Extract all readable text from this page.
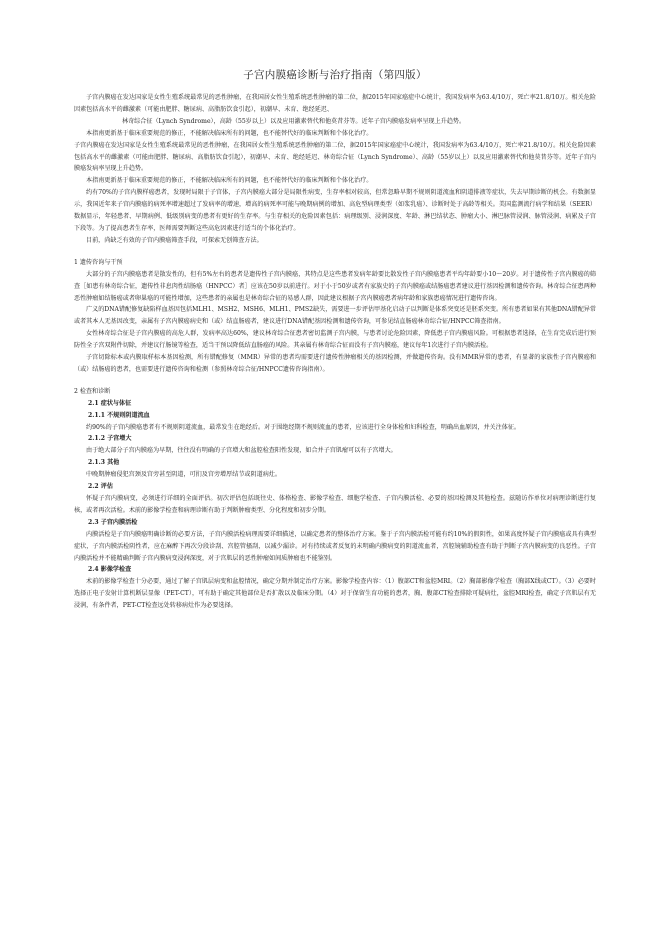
子宫内膜癌诊断与治疗指南（第四版）

子宫内膜癌在发达国家是女性生殖系统最常见的恶性肿瘤，在我国居女性生殖系统恶性肿瘤的第二位，据2015年国家癌症中心统计，我国发病率为63.4/10万，死亡率21.8/10万。相关危险因素包括高水平的雌激素（可能由肥胖、糖尿病、高脂肪饮食引起），初潮早、未育、绝经延迟、

林奇综合征（Lynch Syndrome），高龄（55岁以上）以及应用激素替代和他莫昔芬等。近年子宫内膜癌发病率呈现上升趋势。

本指南更新基于临床重要规范的修正，不能解决临床所有的问题，也不能替代好的临床判断和个体化治疗。

子宫内膜癌在发达国家是女性生殖系统最常见的恶性肿瘤，在我国居女性生殖系统恶性肿瘤的第二位，据2015年国家癌症中心统计，我国发病率为63.4/10万，死亡率21.8/10万。相关危险因素包括高水平的雌激素（可能由肥胖、糖尿病、高脂肪饮食引起），初潮早、未育、绝经延迟、林奇综合征（Lynch Syndrome）、高龄（55岁以上）以及应用激素替代和他莫昔芬等。近年子宫内膜癌发病率呈现上升趋势。

本指南更新基于临床重要规范的修正，不能解决临床所有的问题，也不能替代好的临床判断和个体化治疗。

约有70%的子宫内膜样癌患者，发现时局限于子宫体，子宫内膜癌大部分是局限性病变，生存率相对较高，但常忽略早期不规则阴道流血和阴道排液等症状，失去早期诊断的机会。有数据显示，我国近年来子宫内膜癌的病死率增速超过了发病率的增速，增高的病死率可能与晚期病例的增加、高危型病理类型（如浆乳癌）、诊断时处于高龄等相关。美国监测流行病学和结果（SEER）数据显示，年轻患者、早期病例、低级别病变的患者有更好的生存率。与生存相关的危险因素包括：病理级别、浸润深度、年龄、淋巴结状态、肿瘤大小、淋巴脉管浸润、脉管浸润、病累及子宫下段等。为了提高患者生存率，医师需要判断这些高危因素进行适当的个体化治疗。

目前，尚缺乏有效的子宫内膜癌筛查手段，可探索无创筛查方法。

1 遗传咨询与干预

大部分的子宫内膜癌患者是散发性的，但有5%左右的患者是遗传性子宫内膜癌，其特点是这些患者发病年龄要比散发性子宫内膜癌患者平均年龄要小10～20岁。对于遗传性子宫内膜癌的筛查［如患有林奇综合征，遗传性非息肉性结肠癌（HNPCC）者］应该在50岁以前进行。对于小于50岁或者有家族史的子宫内膜癌或结肠癌患者建议进行基因检测和遗传咨询。林奇综合征患两种恶性肿瘤如结肠癌或者卵巢癌的可能性增加，这些患者的亲属也是林奇综合征的易感人群，因此建议根据子宫内膜癌患者病年龄和家族患癌情况进行遗传咨询。

广义的DNA错配修复缺陷样血基因包括MLH1、MSH2、MSH6、MLH1、PMS2缺失，需要进一步评估甲基化启动子以判断是体系突变还是胚系突变。所有患者如果有其他DNA错配异常或者其本人无基因改变，亲属有子宫内膜癌病史和（或）结直肠癌者，建议进行DNA错配基因检测和遗传咨询，可参见结直肠癌林奇综合征/HNPCC筛查指南。

女性林奇综合征是子宫内膜癌的高危人群，发病率高达60%，建议林奇综合征患者密切监测子宫内膜，与患者讨论危险因素，降低患子宫内膜癌风险。可根据患者选择，在生育完成后进行预防性全子宫双附件切除，并建议行肠镜等检查，适当干预以降低结直肠癌的风险。其亲属有林奇综合征而没有子宫内膜癌，建议每年1次进行子宫内膜活检。

子宫切除标本或内膜取样标本基因检测，所有错配修复（MMR）异常的患者均需要进行遗传性肿瘤相关的基因检测，并做遗传咨询。没有MMR异常的患者，有显著的家族性子宫内膜癌和（或）结肠癌的患者，也需要进行遗传咨询和检测（参照林奇综合征/HNPCC遗传咨询指南）。

2 检查和诊断

2.1 症状与体征

2.1.1 不规则阴道流血

约90%的子宫内膜癌患者有不规则阴道流血，最常发生在绝经后。对于围绝经期不规则流血的患者，应该进行全身体检和妇科检查，明确出血原因，并关注体征。

2.1.2 子宫增大

由于绝大部分子宫内膜癌为早期，往往没有明确的子宫增大和盆腔检查阳性发现，如合并子宫肌瘤可以有子宫增大。

2.1.3 其他

中晚期肿瘤侵犯宫颈及宫旁甚至阴道，可扪及宫旁增厚结节或阴道病灶。

2.2 评估

怀疑子宫内膜病变，必须进行详细的全面评估。初次评估包括既往史、体格检查、影像学检查、细胞学检查、子宫内膜活检、必要的基因检测及其他检查。兹随访作单位对病理诊断进行复核，或者再次活检。术前的影像学检查和病理诊断有助于判断肿瘤类型、分化程度和初步分期。

2.3 子宫内膜活检

内膜活检是子宫内膜癌明确诊断的必要方法，子宫内膜活检病理需要详细描述，以确定患者的整体治疗方案。鉴于子宫内膜活检可能有约10%的假阴性，如果高度怀疑子宫内膜癌或具有典型症状，子宫内膜活检阴性者，应在麻醉下再次分段诊刮、宫腔管搔刮，以减少漏诊。对有持续或者反复的未明确内膜病变的阴道流血者，宫腔镜辅助检查有助于判断子宫内膜病变的良恶性。子宫内膜活检并不能精确判断子宫内膜病变浸润深度，对于宫肌层的恶性肿瘤如间质肿瘤也不能鉴别。

2.4 影像学检查

术前的影像学检查十分必要，通过了解子宫肌层病变和盆腔情况，确定分期并制定治疗方案。影像学检查内容：（1）腹部CT和盆腔MRI。（2）胸部影像学检查（胸部X线或CT）。（3）必要时选择正电子发射计算机断层显像（PET-CT），可有助于确定其他部位是否扩散以及临床分期。（4）对于保留生育功能的患者，胸、腹部CT检查排除可疑病灶，盆腔MRI检查，确定子宫肌层有无浸润，有条件者，PET-CT检查远处转移病灶作为必要选择。
